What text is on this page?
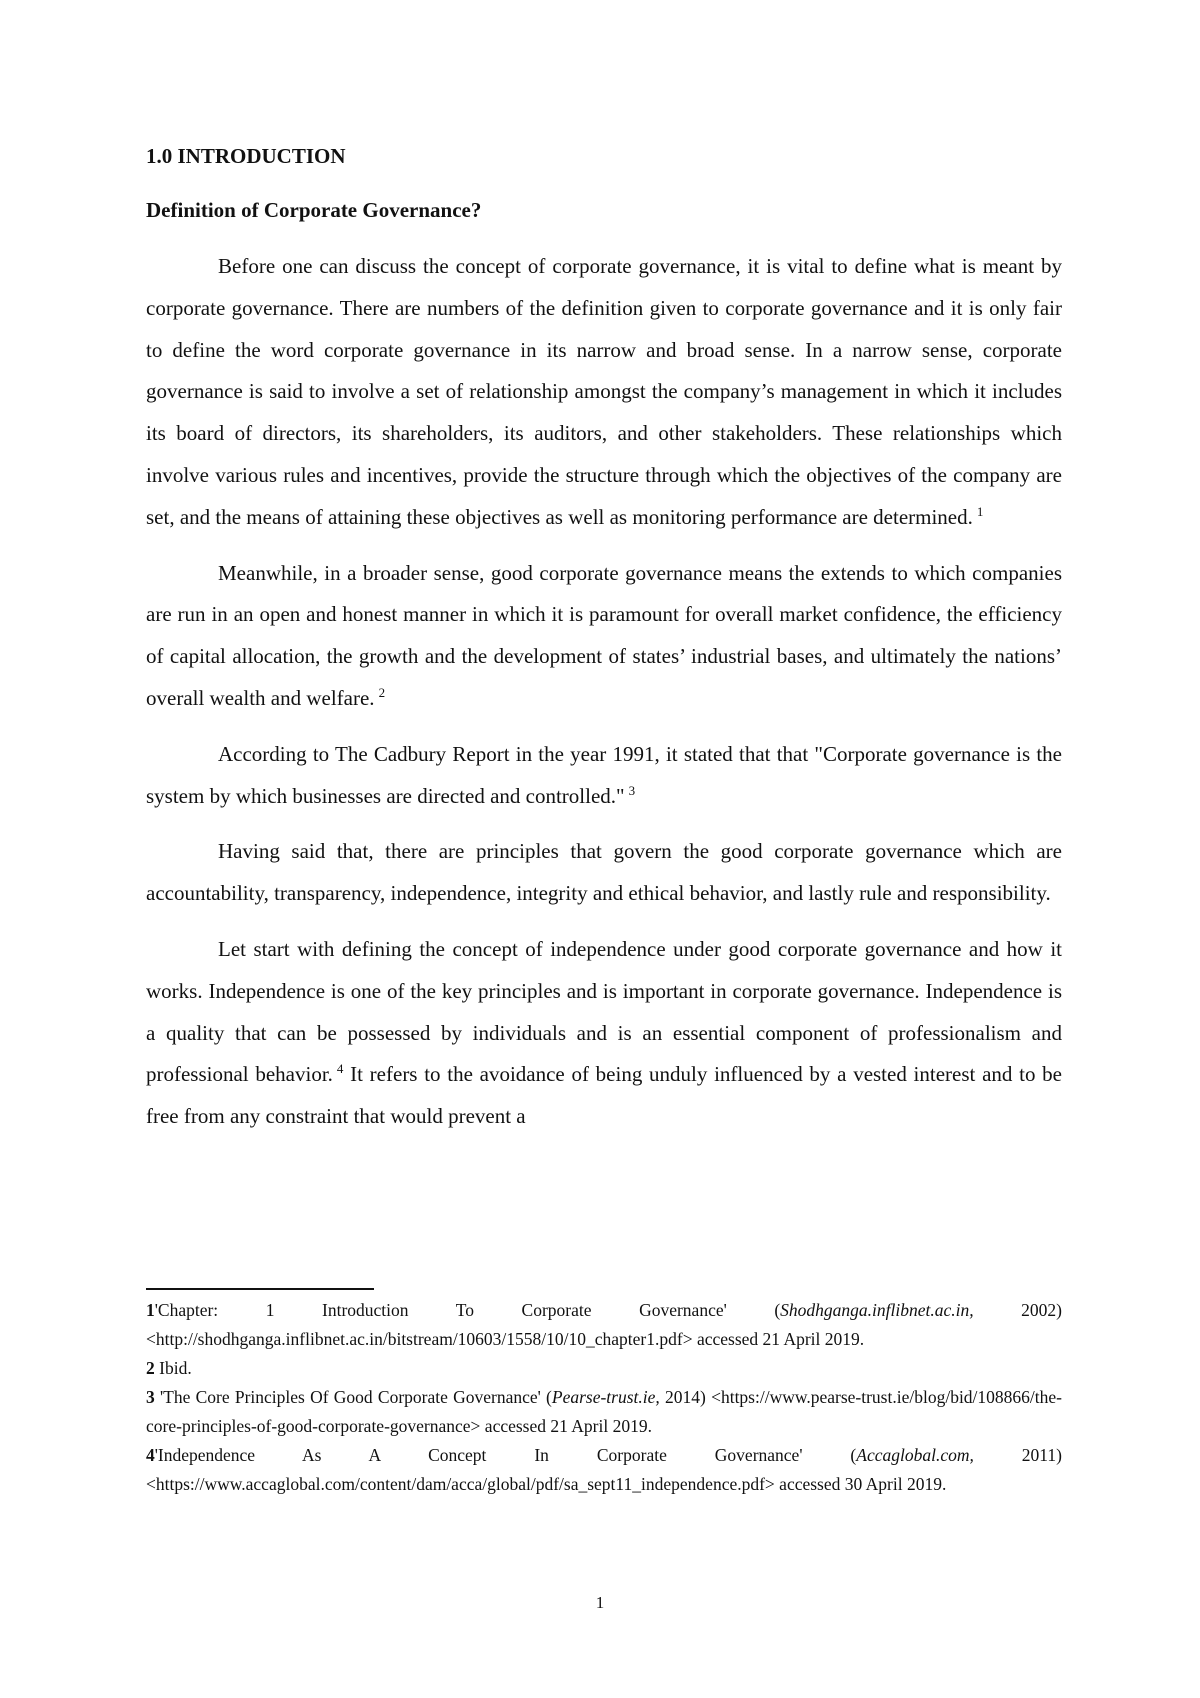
1.0 INTRODUCTION
Definition of Corporate Governance?

Before one can discuss the concept of corporate governance, it is vital to define what is meant by corporate governance. There are numbers of the definition given to corporate governance and it is only fair to define the word corporate governance in its narrow and broad sense. In a narrow sense, corporate governance is said to involve a set of relationship amongst the company’s management in which it includes its board of directors, its shareholders, its auditors, and other stakeholders. These relationships which involve various rules and incentives, provide the structure through which the objectives of the company are set, and the means of attaining these objectives as well as monitoring performance are determined. $^1$

Meanwhile, in a broader sense, good corporate governance means the extends to which companies are run in an open and honest manner in which it is paramount for overall market confidence, the efficiency of capital allocation, the growth and the development of states’ industrial bases, and ultimately the nations’ overall wealth and welfare. $^2$

According to The Cadbury Report in the year 1991, it stated that that "Corporate governance is the system by which businesses are directed and controlled." $^3$

Having said that, there are principles that govern the good corporate governance which are accountability, transparency, independence, integrity and ethical behavior, and lastly rule and responsibility.

Let start with defining the concept of independence under good corporate governance and how it works. Independence is one of the key principles and is important in corporate governance. Independence is a quality that can be possessed by individuals and is an essential component of professionalism and professional behavior. $^4$ It refers to the avoidance of being unduly influenced by a vested interest and to be free from any constraint that would prevent a

1'Chapter: 1 Introduction To Corporate Governance' (Shodhganga.inflibnet.ac.in, 2002) <http://shodhganga.inflibnet.ac.in/bitstream/10603/1558/10/10_chapter1.pdf> accessed 21 April 2019.

2 Ibid.

3 'The Core Principles Of Good Corporate Governance' (Pearse-trust.ie, 2014) <https://www.pearse-trust.ie/blog/bid/108866/the-core-principles-of-good-corporate-governance> accessed 21 April 2019.

4'Independence As A Concept In Corporate Governance' (Accaglobal.com, 2011) <https://www.accaglobal.com/content/dam/acca/global/pdf/sa_sept11_independence.pdf> accessed 30 April 2019.

1
